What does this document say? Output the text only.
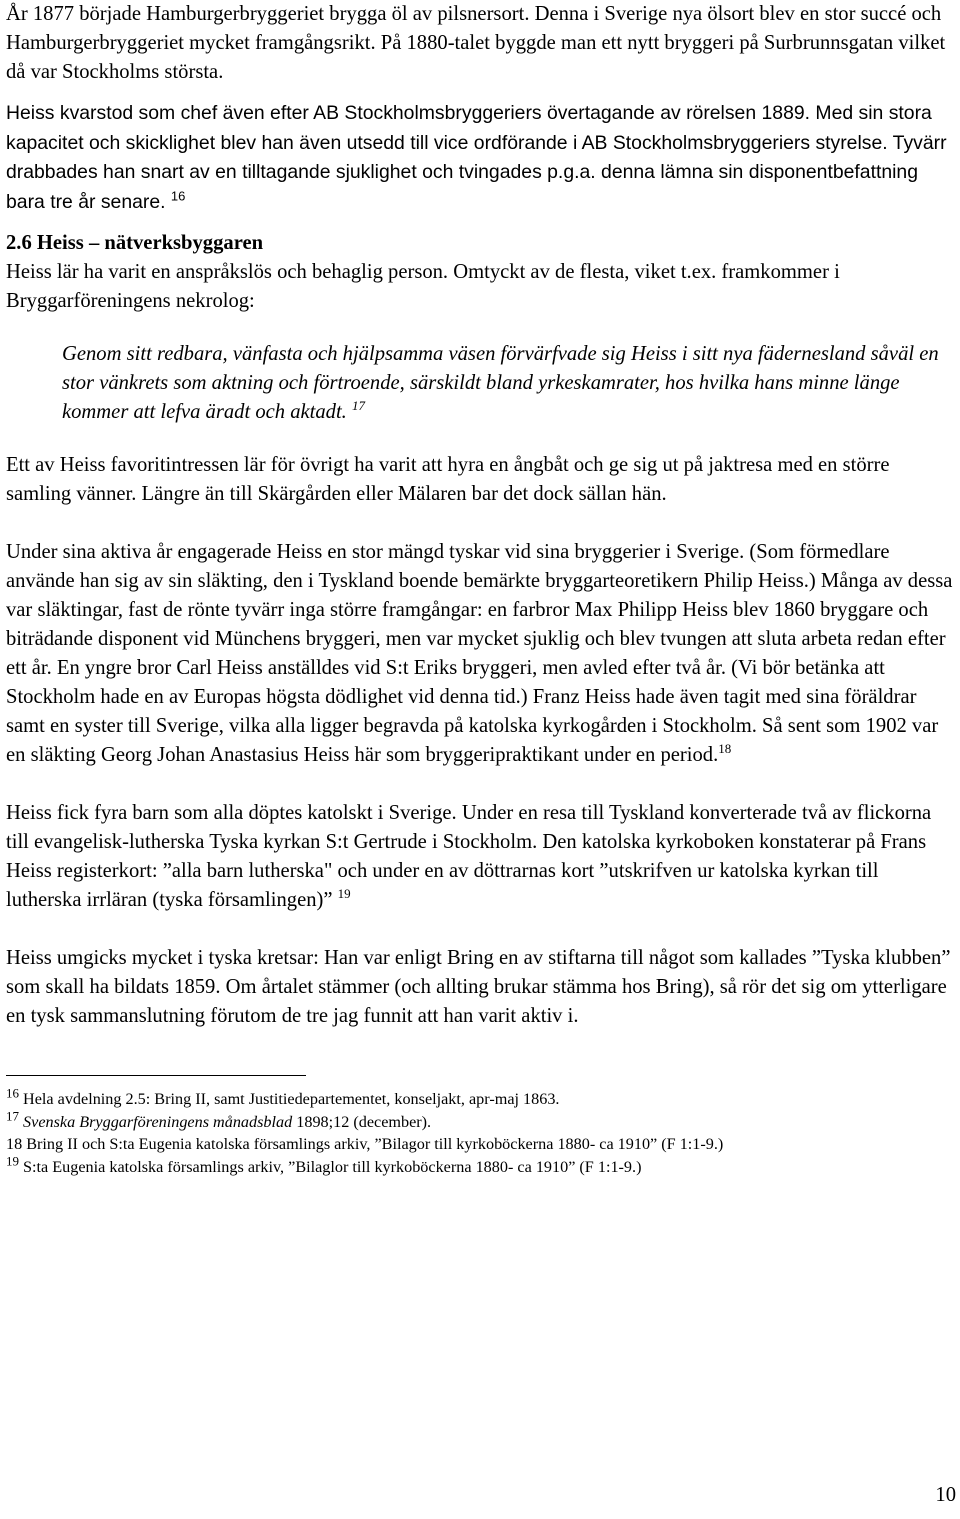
År 1877 började Hamburgerbryggeriet brygga öl av pilsnersort. Denna i Sverige nya ölsort blev en stor succé och Hamburgerbryggeriet mycket framgångsrikt. På 1880-talet byggde man ett nytt bryggeri på Surbrunnsgatan vilket då var Stockholms största.

Heiss kvarstod som chef även efter AB Stockholmsbryggeriers övertagande av rörelsen 1889. Med sin stora kapacitet och skicklighet blev han även utsedd till vice ordförande i AB Stockholmsbryggeriers styrelse. Tyvärr drabbades han snart av en tilltagande sjuklighet och tvingades p.g.a. denna lämna sin disponentbefattning bara tre år senare. $^{16}$

2.6 Heiss – nätverksbyggaren

Heiss lär ha varit en anspråkslös och behaglig person. Omtyckt av de flesta, viket t.ex. framkommer i Bryggarföreningens nekrolog:

Genom sitt redbara, vänfasta och hjälpsamma väsen förvärfvade sig Heiss i sitt nya fädernesland såväl en stor vänkrets som aktning och förtroende, särskildt bland yrkeskamrater, hos hvilka hans minne länge kommer att lefva äradt och aktadt. $^{17}$

Ett av Heiss favoritintressen lär för övrigt ha varit att hyra en ångbåt och ge sig ut på jaktresa med en större samling vänner. Längre än till Skärgården eller Mälaren bar det dock sällan hän.

Under sina aktiva år engagerade Heiss en stor mängd tyskar vid sina bryggerier i Sverige. (Som förmedlare använde han sig av sin släkting, den i Tyskland boende bemärkte bryggarteoretikern Philip Heiss.) Många av dessa var släktingar, fast de rönte tyvärr inga större framgångar: en farbror Max Philipp Heiss blev 1860 bryggare och biträdande disponent vid Münchens bryggeri, men var mycket sjuklig och blev tvungen att sluta arbeta redan efter ett år. En yngre bror Carl Heiss anställdes vid S:t Eriks bryggeri, men avled efter två år. (Vi bör betänka att Stockholm hade en av Europas högsta dödlighet vid denna tid.) Franz Heiss hade även tagit med sina föräldrar samt en syster till Sverige, vilka alla ligger begravda på katolska kyrkogården i Stockholm. Så sent som 1902 var en släkting Georg Johan Anastasius Heiss här som bryggeripraktikant under en period.$^{18}$

Heiss fick fyra barn som alla döptes katolskt i Sverige. Under en resa till Tyskland konverterade två av flickorna till evangelisk-lutherska Tyska kyrkan S:t Gertrude i Stockholm. Den katolska kyrkoboken konstaterar på Frans Heiss registerkort: ”alla barn lutherska" och under en av döttrarnas kort ”utskrifven ur katolska kyrkan till lutherska irrläran (tyska församlingen)” $^{19}$

Heiss umgicks mycket i tyska kretsar: Han var enligt Bring en av stiftarna till något som kallades ”Tyska klubben” som skall ha bildats 1859. Om årtalet stämmer (och allting brukar stämma hos Bring), så rör det sig om ytterligare en tysk sammanslutning förutom de tre jag funnit att han varit aktiv i.

$^{16}$ Hela avdelning 2.5: Bring II, samt Justitiedepartementet, konseljakt, apr-maj 1863.

$^{17}$ Svenska Bryggarföreningens månadsblad 1898;12 (december).

18 Bring II och S:ta Eugenia katolska församlings arkiv, ”Bilagor till kyrkoböckerna 1880- ca 1910” (F 1:1-9.)

$^{19}$ S:ta Eugenia katolska församlings arkiv, ”Bilaglor till kyrkoböckerna 1880- ca 1910” (F 1:1-9.)

10
